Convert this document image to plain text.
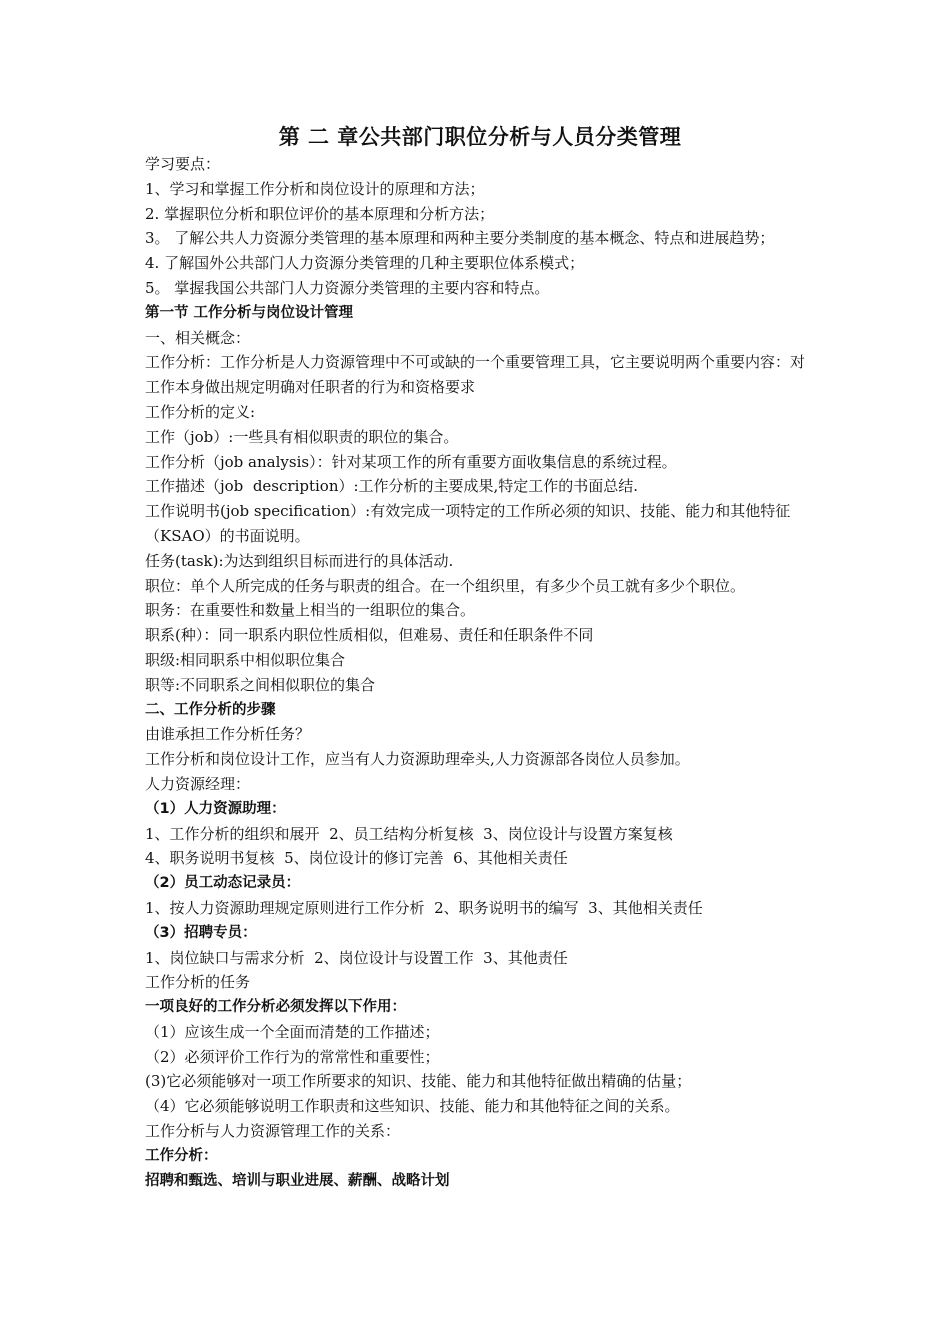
第 二 章公共部门职位分析与人员分类管理

学习要点：

1、学习和掌握工作分析和岗位设计的原理和方法；

2. 掌握职位分析和职位评价的基本原理和分析方法；

3。 了解公共人力资源分类管理的基本原理和两种主要分类制度的基本概念、特点和进展趋势；

4. 了解国外公共部门人力资源分类管理的几种主要职位体系模式；

5。 掌握我国公共部门人力资源分类管理的主要内容和特点。

第一节 工作分析与岗位设计管理

一、相关概念：

工作分析：工作分析是人力资源管理中不可或缺的一个重要管理工具，它主要说明两个重要内容：对工作本身做出规定明确对任职者的行为和资格要求

工作分析的定义:

工作（job）:一些具有相似职责的职位的集合。

工作分析（job analysis）：针对某项工作的所有重要方面收集信息的系统过程。

工作描述（job  description）:工作分析的主要成果,特定工作的书面总结.

工作说明书(job specification）:有效完成一项特定的工作所必须的知识、技能、能力和其他特征（KSAO）的书面说明。

任务(task):为达到组织目标而进行的具体活动.

职位：单个人所完成的任务与职责的组合。在一个组织里，有多少个员工就有多少个职位。

职务：在重要性和数量上相当的一组职位的集合。

职系(种）：同一职系内职位性质相似，但难易、责任和任职条件不同

职级:相同职系中相似职位集合

职等:不同职系之间相似职位的集合

二、工作分析的步骤

由谁承担工作分析任务？

工作分析和岗位设计工作，应当有人力资源助理牵头,人力资源部各岗位人员参加。

人力资源经理：

（1）人力资源助理：

1、工作分析的组织和展开  2、员工结构分析复核  3、岗位设计与设置方案复核

4、职务说明书复核  5、岗位设计的修订完善  6、其他相关责任

（2）员工动态记录员：

1、按人力资源助理规定原则进行工作分析  2、职务说明书的编写  3、其他相关责任

（3）招聘专员：

1、岗位缺口与需求分析  2、岗位设计与设置工作  3、其他责任

工作分析的任务

一项良好的工作分析必须发挥以下作用：

（1）应该生成一个全面而清楚的工作描述；

（2）必须评价工作行为的常常性和重要性；

(3)它必须能够对一项工作所要求的知识、技能、能力和其他特征做出精确的估量；

（4）它必须能够说明工作职责和这些知识、技能、能力和其他特征之间的关系。

工作分析与人力资源管理工作的关系：

工作分析：

招聘和甄选、培训与职业进展、薪酬、战略计划
